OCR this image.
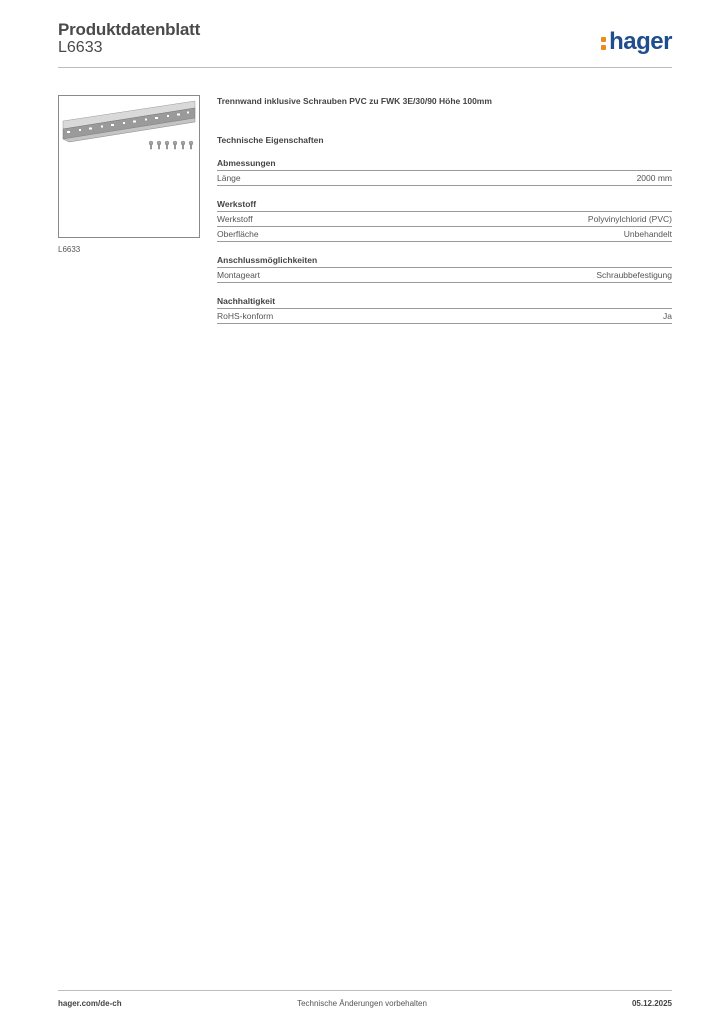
Produktdatenblatt
L6633	hager
L6633
Trennwand inklusive Schrauben PVC zu FWK 3E/30/90 Höhe 100mm
Technische Eigenschaften
Abmessungen
Länge	2000 mm
Werkstoff
Werkstoff	Polyvinylchlorid (PVC)
Oberfläche	Unbehandelt
Anschlussmöglichkeiten
Montageart	Schraubbefestigung
Nachhaltigkeit
RoHS-konform	Ja
hager.com/de-ch	Technische Änderungen vorbehalten	05.12.2025
